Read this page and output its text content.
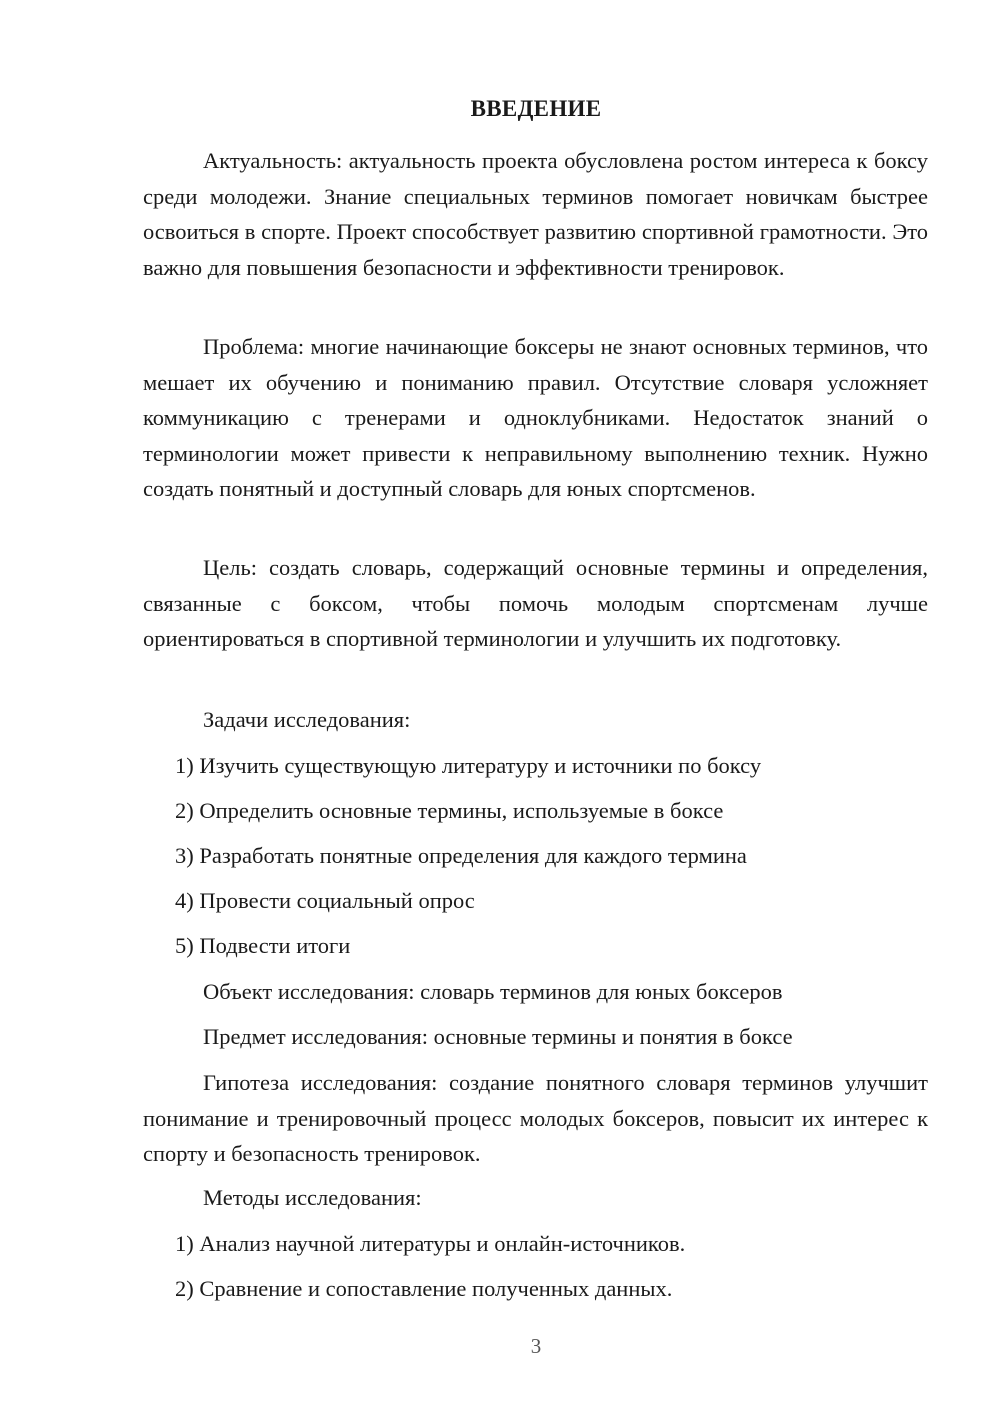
ВВЕДЕНИЕ

Актуальность: актуальность проекта обусловлена ростом интереса к боксу среди молодежи. Знание специальных терминов помогает новичкам быстрее освоиться в спорте. Проект способствует развитию спортивной грамотности. Это важно для повышения безопасности и эффективности тренировок.

Проблема: многие начинающие боксеры не знают основных терминов, что мешает их обучению и пониманию правил. Отсутствие словаря усложняет коммуникацию с тренерами и одноклубниками. Недостаток знаний о терминологии может привести к неправильному выполнению техник. Нужно создать понятный и доступный словарь для юных спортсменов.

Цель: создать словарь, содержащий основные термины и определения, связанные с боксом, чтобы помочь молодым спортсменам лучше ориентироваться в спортивной терминологии и улучшить их подготовку.

Задачи исследования:
1) Изучить существующую литературу и источники по боксу
2) Определить основные термины, используемые в боксе
3) Разработать понятные определения для каждого термина
4) Провести социальный опрос
5) Подвести итоги
Объект исследования: словарь терминов для юных боксеров
Предмет исследования: основные термины и понятия в боксе

Гипотеза исследования: создание понятного словаря терминов улучшит понимание и тренировочный процесс молодых боксеров, повысит их интерес к спорту и безопасность тренировок.

Методы исследования:
1) Анализ научной литературы и онлайн-источников.
2) Сравнение и сопоставление полученных данных.
3
